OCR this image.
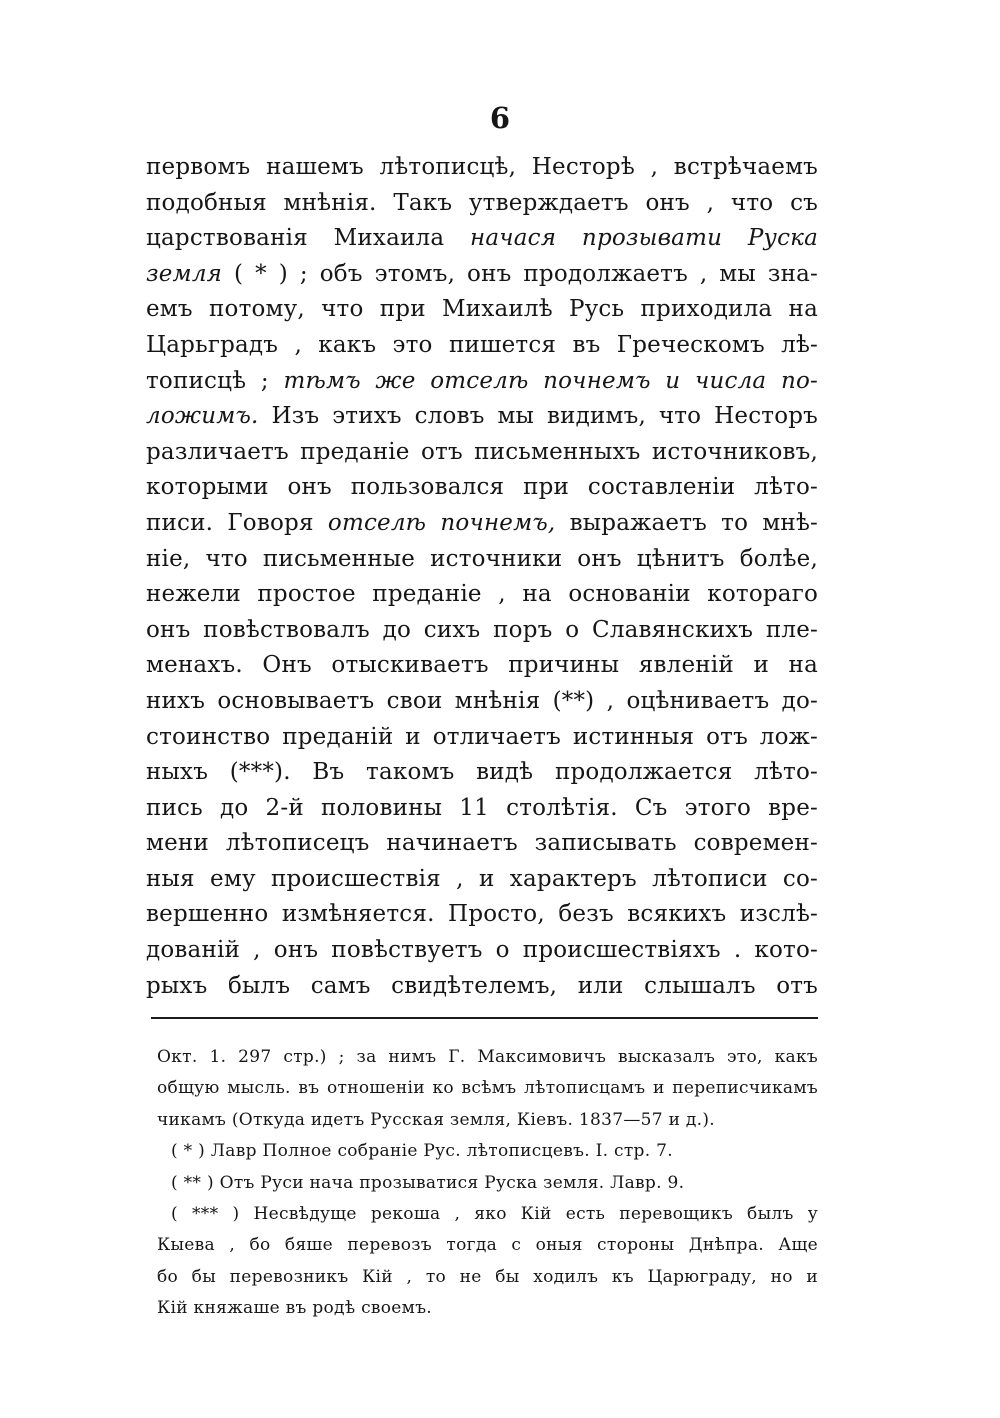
6
первомъ нашемъ лѣтописцѣ, Несторѣ , встрѣчаемъ
подобныя мнѣнія. Такъ утверждаетъ онъ , что съ
царствованія Михаила начася прозывати Руска
земля ( * ) ; объ этомъ, онъ продолжаетъ , мы зна-
емъ потому, что при Михаилѣ Русь приходила на
Царьградъ , какъ это пишется въ Греческомъ лѣ-
тописцѣ ; тѣмъ же отселѣ почнемъ и числа по-
ложимъ. Изъ этихъ словъ мы видимъ, что Несторъ
различаетъ преданіе отъ письменныхъ источниковъ,
которыми онъ пользовался при составленіи лѣто-
писи. Говоря отселѣ почнемъ, выражаетъ то мнѣ-
ніе, что письменные источники онъ цѣнитъ болѣе,
нежели простое преданіе , на основаніи котораго
онъ повѣствовалъ до сихъ поръ о Славянскихъ пле-
менахъ. Онъ отыскиваетъ причины явленій и на
нихъ основываетъ свои мнѣнія (**) , оцѣниваетъ до-
стоинство преданій и отличаетъ истинныя отъ лож-
ныхъ (***). Въ такомъ видѣ продолжается лѣто-
пись до 2-й половины 11 столѣтія. Съ этого вре-
мени лѣтописецъ начинаетъ записывать современ-
ныя ему происшествія , и характеръ лѣтописи со-
вершенно измѣняется. Просто, безъ всякихъ изслѣ-
дованій , онъ повѣствуетъ о происшествіяхъ . кото-
рыхъ былъ самъ свидѣтелемъ, или слышалъ отъ
Окт. 1. 297 стр.) ; за нимъ Г. Максимовичъ высказалъ это, какъ
общую мысль. въ отношеніи ко всѣмъ лѣтописцамъ и переписчикамъ
чикамъ (Откуда идетъ Русская земля, Кіевъ. 1837—57 и д.).
( * ) Лавр Полное собраніе Рус. лѣтописцевъ. I. стр. 7.
( ** ) Отъ Руси нача прозыватися Руска земля. Лавр. 9.
( *** ) Несвѣдуще рекоша , яко Кій есть перевощикъ былъ у
Кыева , бо бяше перевозъ тогда с оныя стороны Днѣпра. Аще
бо бы перевозникъ Кій , то не бы ходилъ къ Царюграду, но и
Кій княжаше въ родѣ своемъ.
